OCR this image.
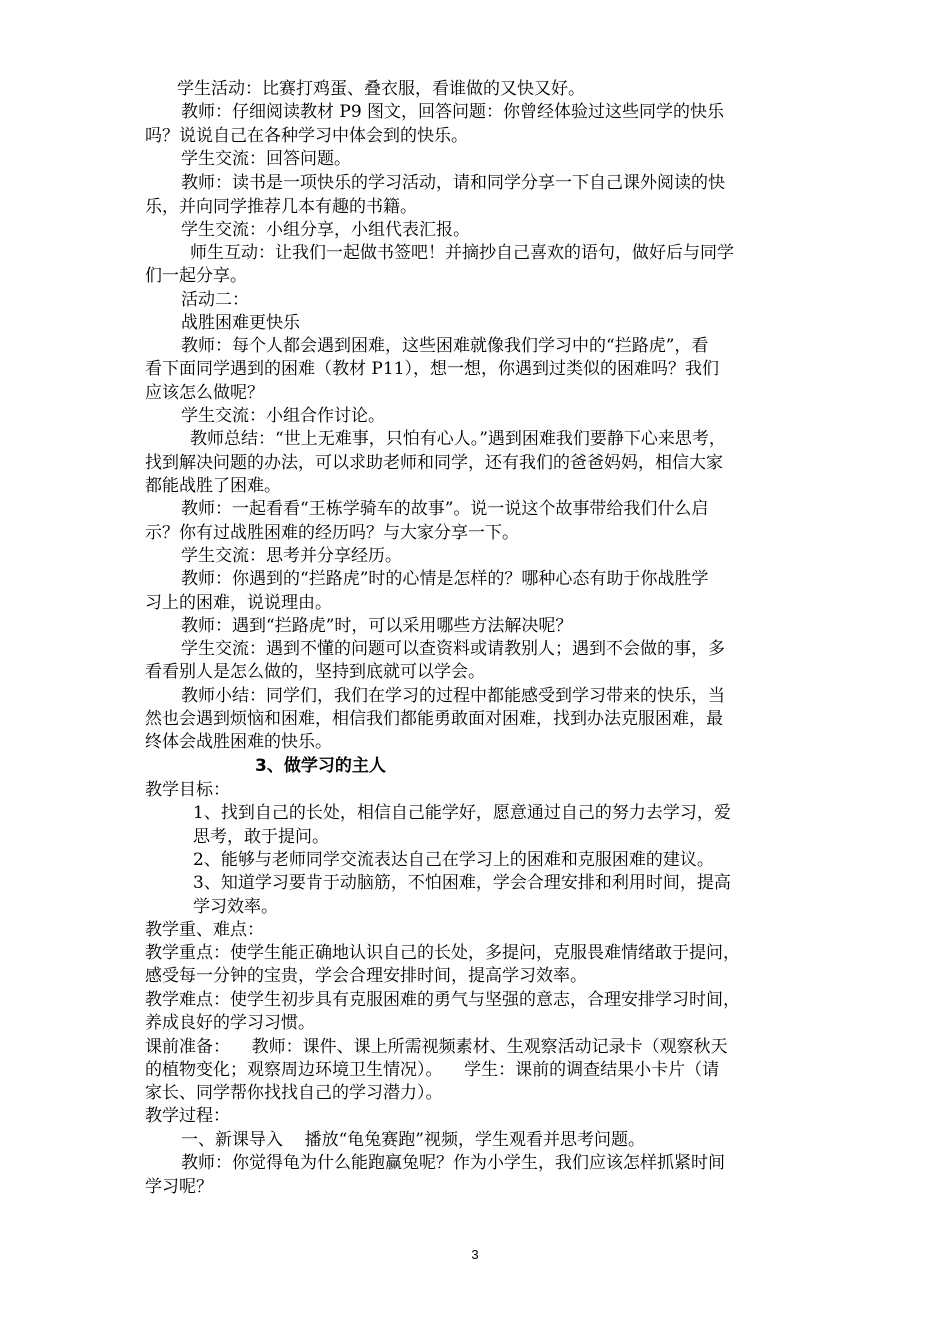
学生活动：比赛打鸡蛋、叠衣服，看谁做的又快又好。
教师：仔细阅读教材 P9 图文，回答问题：你曾经体验过这些同学的快乐
吗？说说自己在各种学习中体会到的快乐。
学生交流：回答问题。
教师：读书是一项快乐的学习活动，请和同学分享一下自己课外阅读的快
乐，并向同学推荐几本有趣的书籍。
学生交流：小组分享，小组代表汇报。
师生互动：让我们一起做书签吧！并摘抄自己喜欢的语句，做好后与同学
们一起分享。
活动二：
战胜困难更快乐
教师：每个人都会遇到困难，这些困难就像我们学习中的“拦路虎”，看
看下面同学遇到的困难（教材 P11），想一想，你遇到过类似的困难吗？我们
应该怎么做呢？
学生交流：小组合作讨论。
教师总结：“世上无难事，只怕有心人。”遇到困难我们要静下心来思考，
找到解决问题的办法，可以求助老师和同学，还有我们的爸爸妈妈，相信大家
都能战胜了困难。
教师：一起看看“王栋学骑车的故事”。说一说这个故事带给我们什么启
示？你有过战胜困难的经历吗？与大家分享一下。
学生交流：思考并分享经历。
教师：你遇到的“拦路虎”时的心情是怎样的？哪种心态有助于你战胜学
习上的困难，说说理由。
教师：遇到“拦路虎”时，可以采用哪些方法解决呢？
学生交流：遇到不懂的问题可以查资料或请教别人；遇到不会做的事，多
看看别人是怎么做的，坚持到底就可以学会。
教师小结：同学们，我们在学习的过程中都能感受到学习带来的快乐，当
然也会遇到烦恼和困难，相信我们都能勇敢面对困难，找到办法克服困难，最
终体会战胜困难的快乐。
3、做学习的主人
教学目标：
1、找到自己的长处，相信自己能学好，愿意通过自己的努力去学习，爱
思考，敢于提问。
2、能够与老师同学交流表达自己在学习上的困难和克服困难的建议。
3、知道学习要肯于动脑筋，不怕困难，学会合理安排和利用时间，提高
学习效率。
教学重、难点：
教学重点：使学生能正确地认识自己的长处，多提问，克服畏难情绪敢于提问，
感受每一分钟的宝贵，学会合理安排时间，提高学习效率。
教学难点：使学生初步具有克服困难的勇气与坚强的意志，合理安排学习时间，
养成良好的学习习惯。
课前准备：    教师：课件、课上所需视频素材、生观察活动记录卡（观察秋天
的植物变化；观察周边环境卫生情况）。    学生：课前的调查结果小卡片（请
家长、同学帮你找找自己的学习潜力）。
教学过程：
一、新课导入    播放“龟兔赛跑”视频，学生观看并思考问题。
教师：你觉得龟为什么能跑赢兔呢？作为小学生，我们应该怎样抓紧时间
学习呢？
3
